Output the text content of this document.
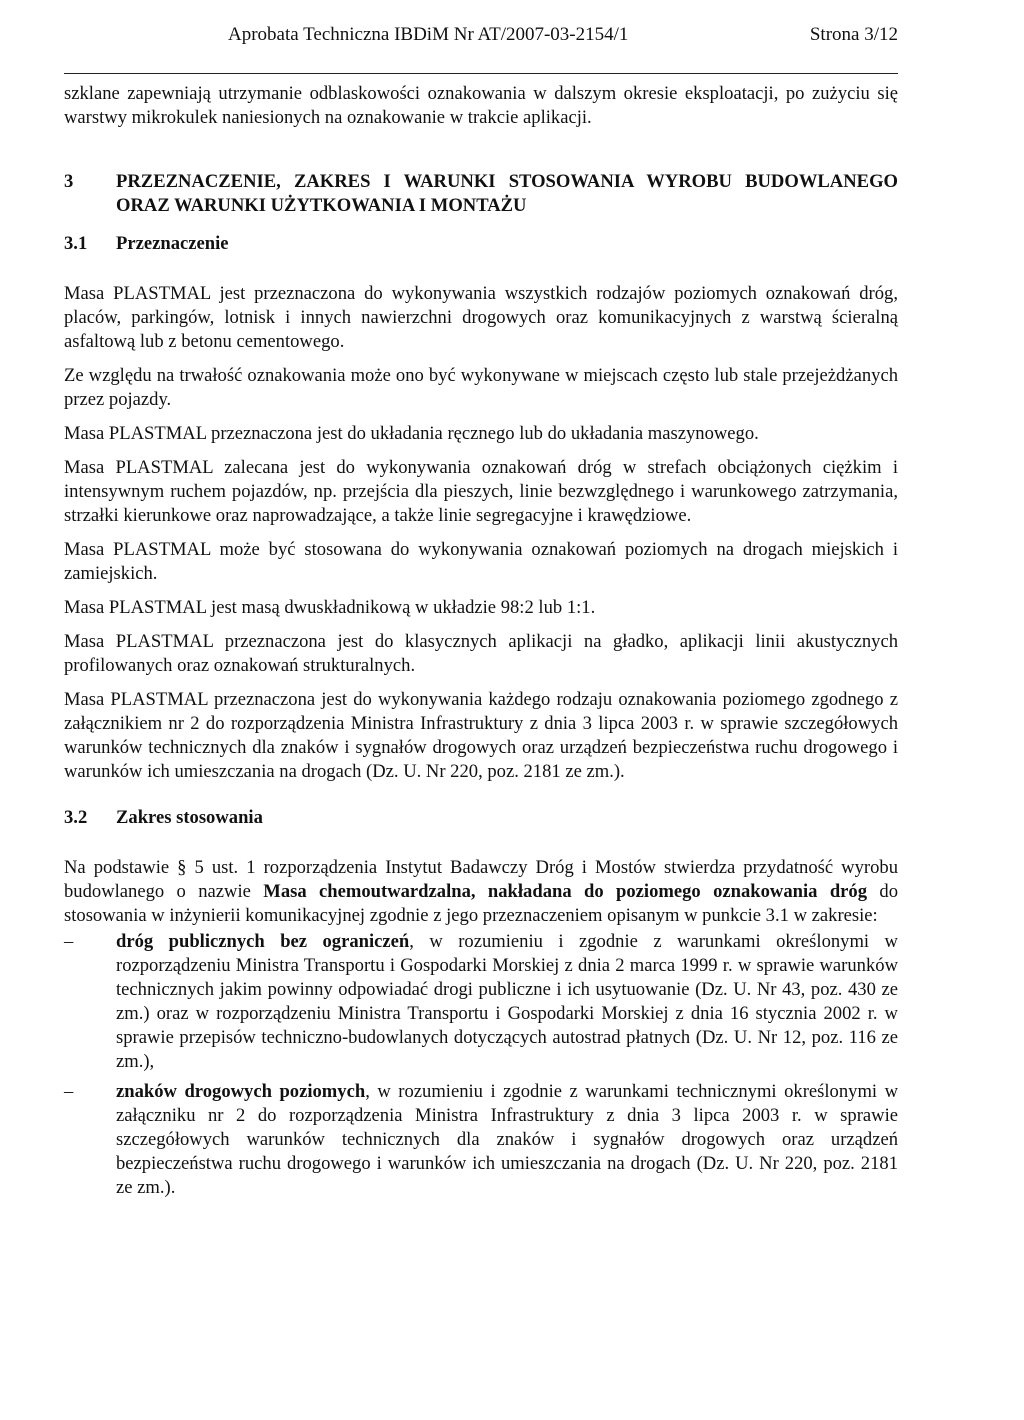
Aprobata Techniczna IBDiM Nr AT/2007-03-2154/1	Strona 3/12

szklane zapewniają utrzymanie odblaskowości oznakowania w dalszym okresie eksploatacji, po zużyciu się warstwy mikrokulek naniesionych na oznakowanie w trakcie aplikacji.

3	PRZEZNACZENIE, ZAKRES I WARUNKI STOSOWANIA WYROBU BUDOWLANEGO ORAZ WARUNKI UŻYTKOWANIA I MONTAŻU
3.1	Przeznaczenie

Masa PLASTMAL jest przeznaczona do wykonywania wszystkich rodzajów poziomych oznakowań dróg, placów, parkingów, lotnisk i innych nawierzchni drogowych oraz komunikacyjnych z warstwą ścieralną asfaltową lub z betonu cementowego.

Ze względu na trwałość oznakowania może ono być wykonywane w miejscach często lub stale przejeżdżanych przez pojazdy.

Masa PLASTMAL przeznaczona jest do układania ręcznego lub do układania maszynowego.

Masa PLASTMAL zalecana jest do wykonywania oznakowań dróg w strefach obciążonych ciężkim i intensywnym ruchem pojazdów, np. przejścia dla pieszych, linie bezwzględnego i warunkowego zatrzymania, strzałki kierunkowe oraz naprowadzające, a także linie segregacyjne i krawędziowe.

Masa PLASTMAL może być stosowana do wykonywania oznakowań poziomych na drogach miejskich i zamiejskich.

Masa PLASTMAL jest masą dwuskładnikową w układzie 98:2 lub 1:1.

Masa PLASTMAL przeznaczona jest do klasycznych aplikacji na gładko, aplikacji linii akustycznych profilowanych oraz oznakowań strukturalnych.

Masa PLASTMAL przeznaczona jest do wykonywania każdego rodzaju oznakowania poziomego zgodnego z załącznikiem nr 2 do rozporządzenia Ministra Infrastruktury z dnia 3 lipca 2003 r. w sprawie szczegółowych warunków technicznych dla znaków i sygnałów drogowych oraz urządzeń bezpieczeństwa ruchu drogowego i warunków ich umieszczania na drogach (Dz. U. Nr 220, poz. 2181 ze zm.).

3.2	Zakres stosowania

Na podstawie § 5 ust. 1 rozporządzenia Instytut Badawczy Dróg i Mostów stwierdza przydatność wyrobu budowlanego o nazwie Masa chemoutwardzalna, nakładana do poziomego oznakowania dróg do stosowania w inżynierii komunikacyjnej zgodnie z jego przeznaczeniem opisanym w punkcie 3.1 w zakresie:

– dróg publicznych bez ograniczeń, w rozumieniu i zgodnie z warunkami określonymi w rozporządzeniu Ministra Transportu i Gospodarki Morskiej z dnia 2 marca 1999 r. w sprawie warunków technicznych jakim powinny odpowiadać drogi publiczne i ich usytuowanie (Dz. U. Nr 43, poz. 430 ze zm.) oraz w rozporządzeniu Ministra Transportu i Gospodarki Morskiej z dnia 16 stycznia 2002 r. w sprawie przepisów techniczno-budowlanych dotyczących autostrad płatnych (Dz. U. Nr 12, poz. 116 ze zm.),
– znaków drogowych poziomych, w rozumieniu i zgodnie z warunkami technicznymi określonymi w załączniku nr 2 do rozporządzenia Ministra Infrastruktury z dnia 3 lipca 2003 r. w sprawie szczegółowych warunków technicznych dla znaków i sygnałów drogowych oraz urządzeń bezpieczeństwa ruchu drogowego i warunków ich umieszczania na drogach (Dz. U. Nr 220, poz. 2181 ze zm.).
